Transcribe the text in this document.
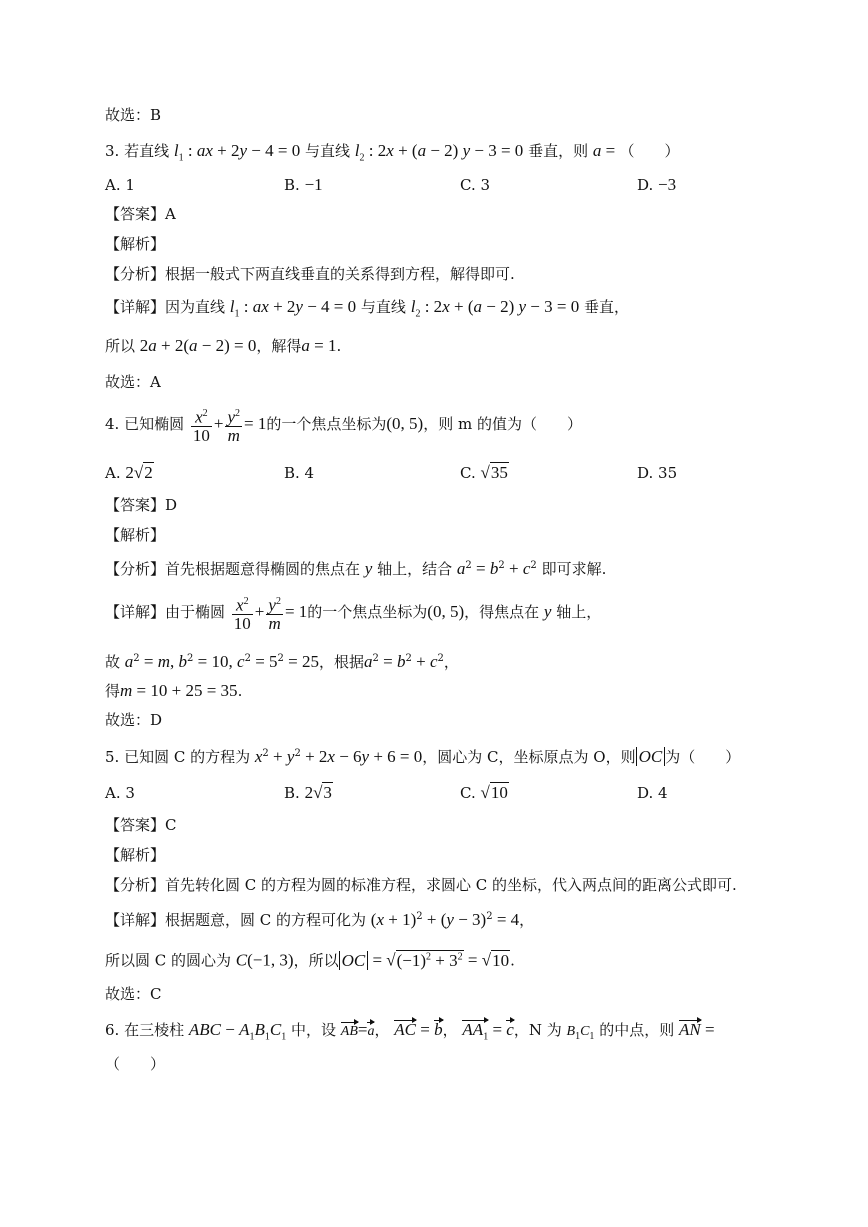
故选：B
3. 若直线 $l_1$ : ax + 2y − 4 = 0 与直线 $l_2$ : 2x + (a − 2) y − 3 = 0 垂直，则 a = （　　）
A. 1	B. −1	C. 3	D. −3
【答案】A
【解析】
【分析】根据一般式下两直线垂直的关系得到方程，解得即可.
【详解】因为直线 $l_1$ : ax + 2y − 4 = 0 与直线 $l_2$ : 2x + (a − 2) y − 3 = 0 垂直，
所以 2a + 2(a − 2) = 0，解得a = 1.
故选：A
4. 已知椭圆 $\frac{x^2}{10} + \frac{y^2}{m} = 1$的一个焦点坐标为(0, 5)，则 m 的值为（　　）
A. 2√2	B. 4	C. √35	D. 35
【答案】D
【解析】
【分析】首先根据题意得椭圆的焦点在 y 轴上，结合 $a^2 = b^2 + c^2$ 即可求解.
【详解】由于椭圆 $\frac{x^2}{10} + \frac{y^2}{m} = 1$的一个焦点坐标为(0, 5)，得焦点在 y 轴上，
故 $a^2 = m$, $b^2 = 10$, $c^2 = 5^2 = 25$，根据$a^2 = b^2 + c^2$，
得m = 10 + 25 = 35.
故选：D
5. 已知圆 C 的方程为 $x^2 + y^2 + 2x - 6y + 6 = 0$，圆心为 C，坐标原点为 O，则 OC 为（　　）
A. 3	B. 2√3	C. √10	D. 4
【答案】C
【解析】
【分析】首先转化圆 C 的方程为圆的标准方程，求圆心 C 的坐标，代入两点间的距离公式即可.
【详解】根据题意，圆 C 的方程可化为 $(x + 1)^2 + (y - 3)^2 = 4$，
所以圆 C 的圆心为 C(−1, 3)，所以 OC = $√(-1)^2 + 3^2 = √10$.
故选：C
6. 在三棱柱 ABC − $A_1B_1C_1$ 中，设 AB=a， AC = b， $AA_1 = c$，N 为 $B_1C_1$ 的中点，则 AN =
（　　）
